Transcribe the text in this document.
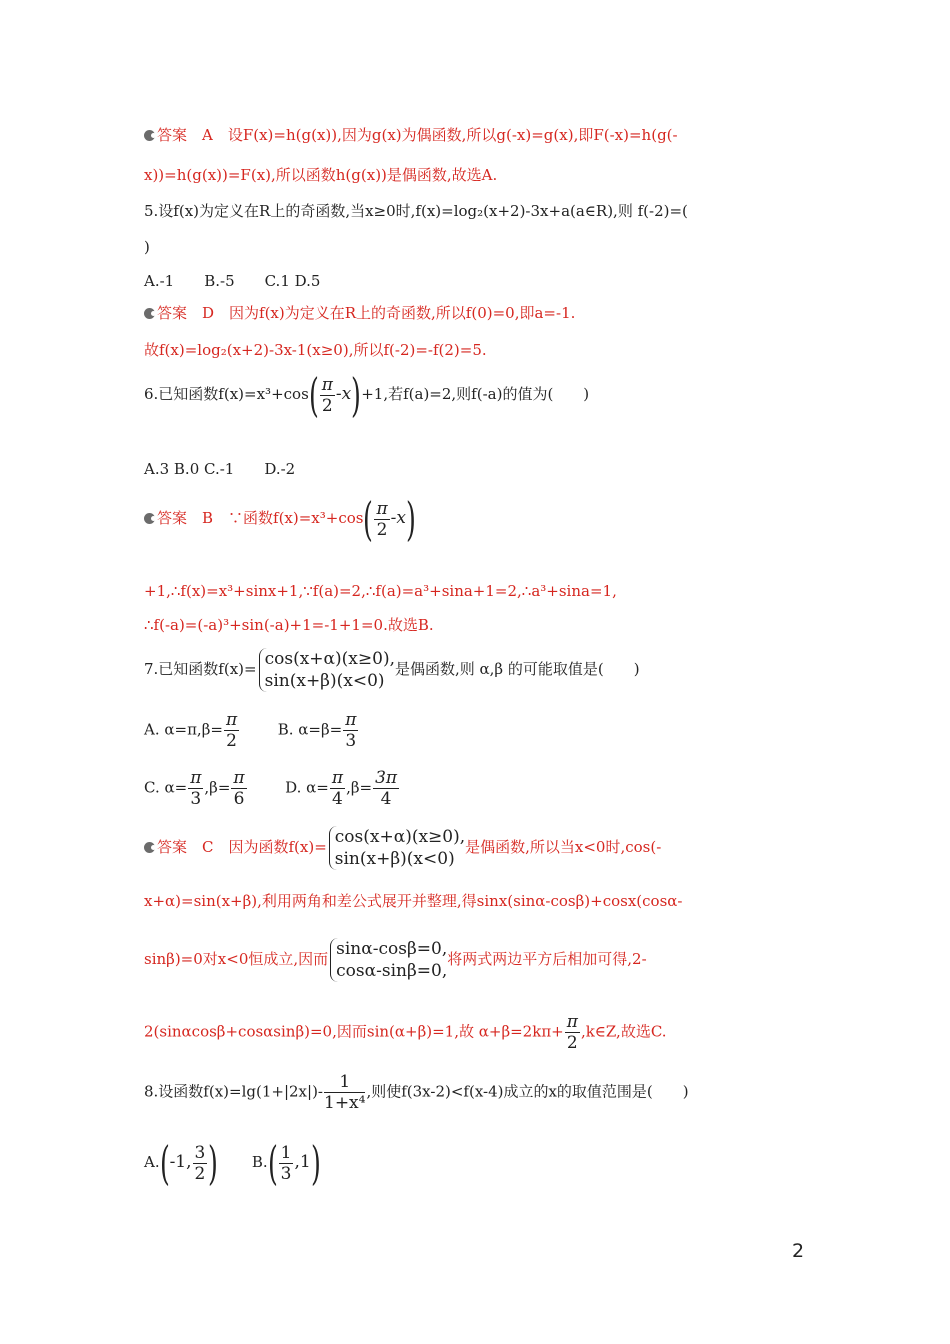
答案　A　设F(x)=h(g(x)),因为g(x)为偶函数,所以g(-x)=g(x),即F(-x)=h(g(-
x))=h(g(x))=F(x),所以函数h(g(x))是偶函数,故选A.
5.设f(x)为定义在R上的奇函数,当x≥0时,f(x)=log₂(x+2)-3x+a(a∈R),则 f(-2)=(
)
A.-1　　B.-5　　C.1 D.5
答案　D　因为f(x)为定义在R上的奇函数,所以f(0)=0,即a=-1.
故f(x)=log₂(x+2)-3x-1(x≥0),所以f(-2)=-f(2)=5.
6.已知函数$f(x)=x^3+\cos( \frac{\pi}{2} -x)+1$,若f(a)=2,则f(-a)的值为(　　)
A.3 B.0 C.-1　　D.-2
答案　B　∵函数$f(x)=x^3+\cos( \frac{\pi}{2} -x)$
+1,∴f(x)=x³+sinx+1,∵f(a)=2,∴f(a)=a³+sina+1=2,∴a³+sina=1,
∴f(-a)=(-a)³+sin(-a)+1=-1+1=0.故选B.
7.已知函数f(x)= cos(x+α)(x≥0),
sin(x+β)(x<0)
是偶函数,则 α,β 的可能取值是(　　)
A. $\alpha=\pi,\beta= \frac{\pi}{2}$	B. $\alpha=\beta= \frac{\pi}{3}$
C. $\alpha= \frac{\pi}{3} ,\beta= \frac{\pi}{6}$	D. $\alpha= \frac{\pi}{4} ,\beta= \frac{3\pi}{4}$
答案　C　因为函数f(x)= cos(x+α)(x≥0),
sin(x+β)(x<0)
是偶函数,所以当x<0时,cos(-
x+α)=sin(x+β),利用两角和差公式展开并整理,得sinx(sinα-cosβ)+cosx(cosα-
sinβ)=0对x<0恒成立,因而 sinα-cosβ=0,
cosα-sinβ=0,
将两式两边平方后相加可得,2-
2(sinαcosβ+cosαsinβ)=0,因而sin(α+β)=1,故 $\alpha+\beta=2k\pi+ \frac{\pi}{2}$ ,k∈Z,故选C.
8.设函数$f(x)=\lg(1+|2x|)- \frac{1}{\text{1+x⁴}}$ ,则使f(3x-2)<f(x-4)成立的x的取值范围是(　　)
A.(-1, $\frac{3}{2}$ ) $B.( \frac{1}{3} ,1)$
2
